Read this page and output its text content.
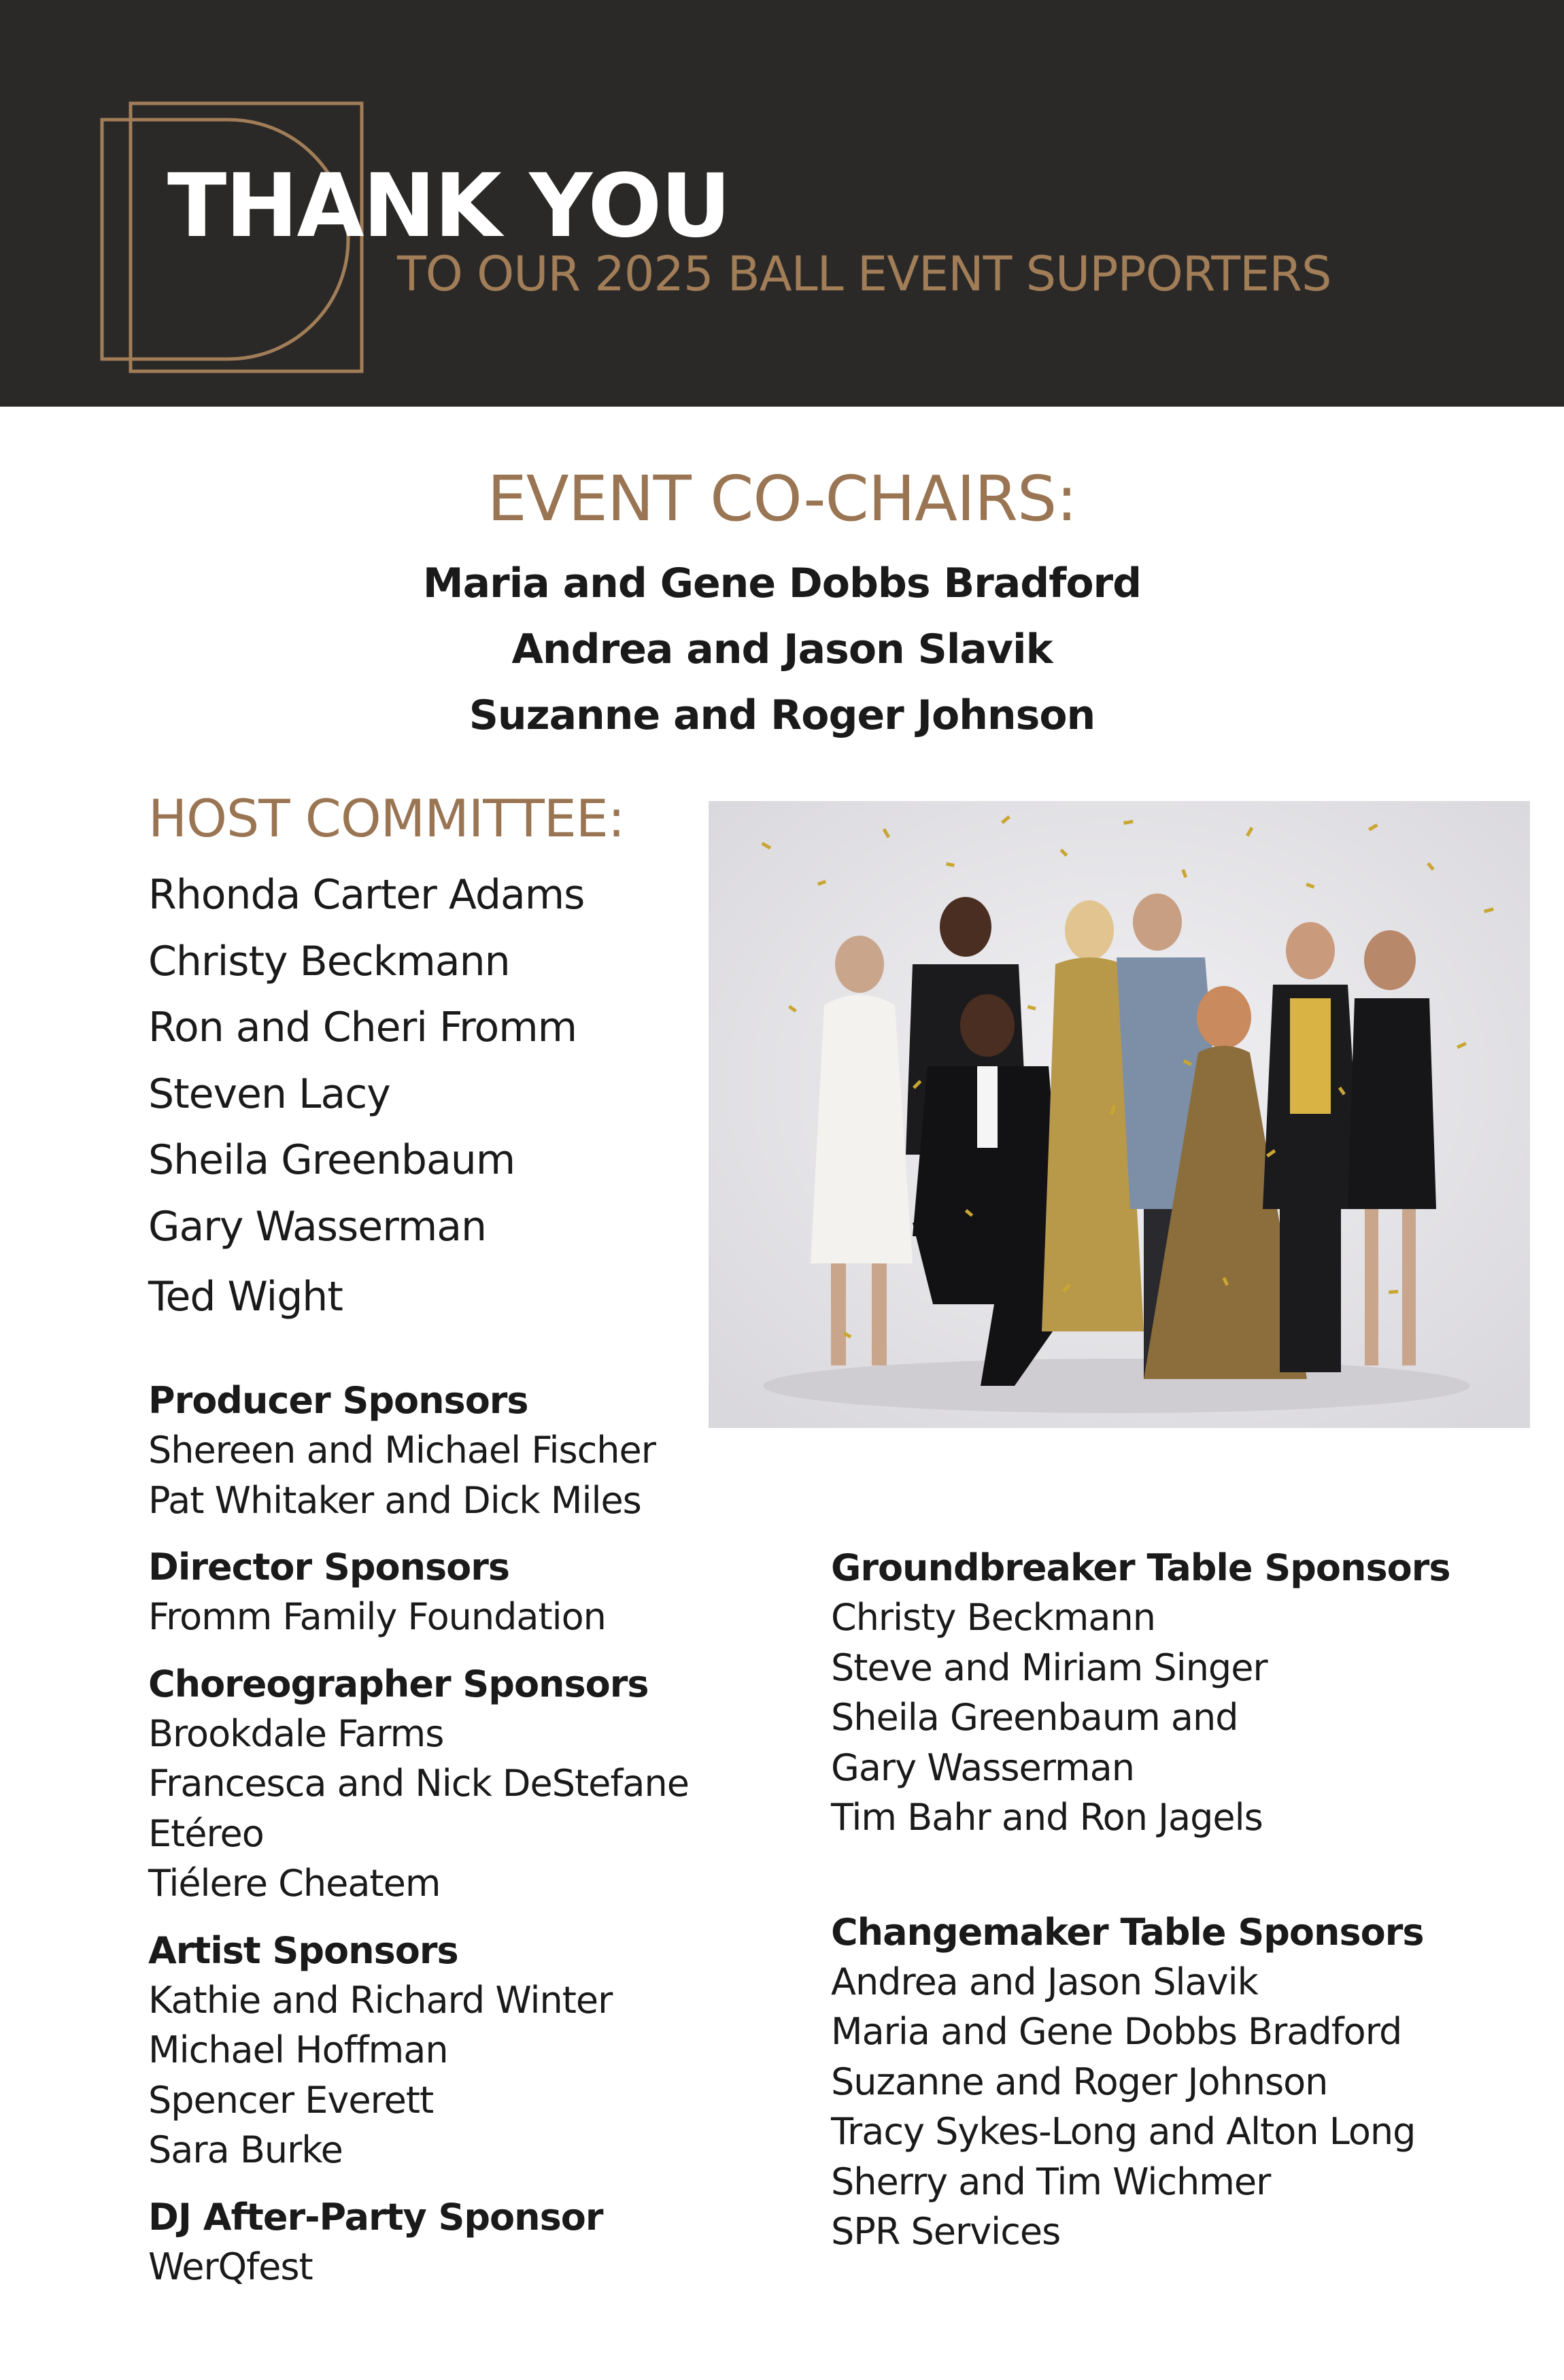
THANK YOU
TO OUR 2025 BALL EVENT SUPPORTERS
EVENT CO-CHAIRS:
Maria and Gene Dobbs Bradford
Andrea and Jason Slavik
Suzanne and Roger Johnson
HOST COMMITTEE:
Rhonda Carter Adams
Christy Beckmann
Ron and Cheri Fromm
Steven Lacy
Sheila Greenbaum
Gary Wasserman
Ted Wight
Producer Sponsors
Shereen and Michael Fischer
Pat Whitaker and Dick Miles
Director Sponsors
Fromm Family Foundation
Choreographer Sponsors
Brookdale Farms
Francesca and Nick DeStefane
Etéreo
Tiélere Cheatem
Artist Sponsors
Kathie and Richard Winter
Michael Hoffman
Spencer Everett
Sara Burke
DJ After-Party Sponsor
WerQfest
Groundbreaker Table Sponsors
Christy Beckmann
Steve and Miriam Singer
Sheila Greenbaum and
Gary Wasserman
Tim Bahr and Ron Jagels
Changemaker Table Sponsors
Andrea and Jason Slavik
Maria and Gene Dobbs Bradford
Suzanne and Roger Johnson
Tracy Sykes-Long and Alton Long
Sherry and Tim Wichmer
SPR Services
